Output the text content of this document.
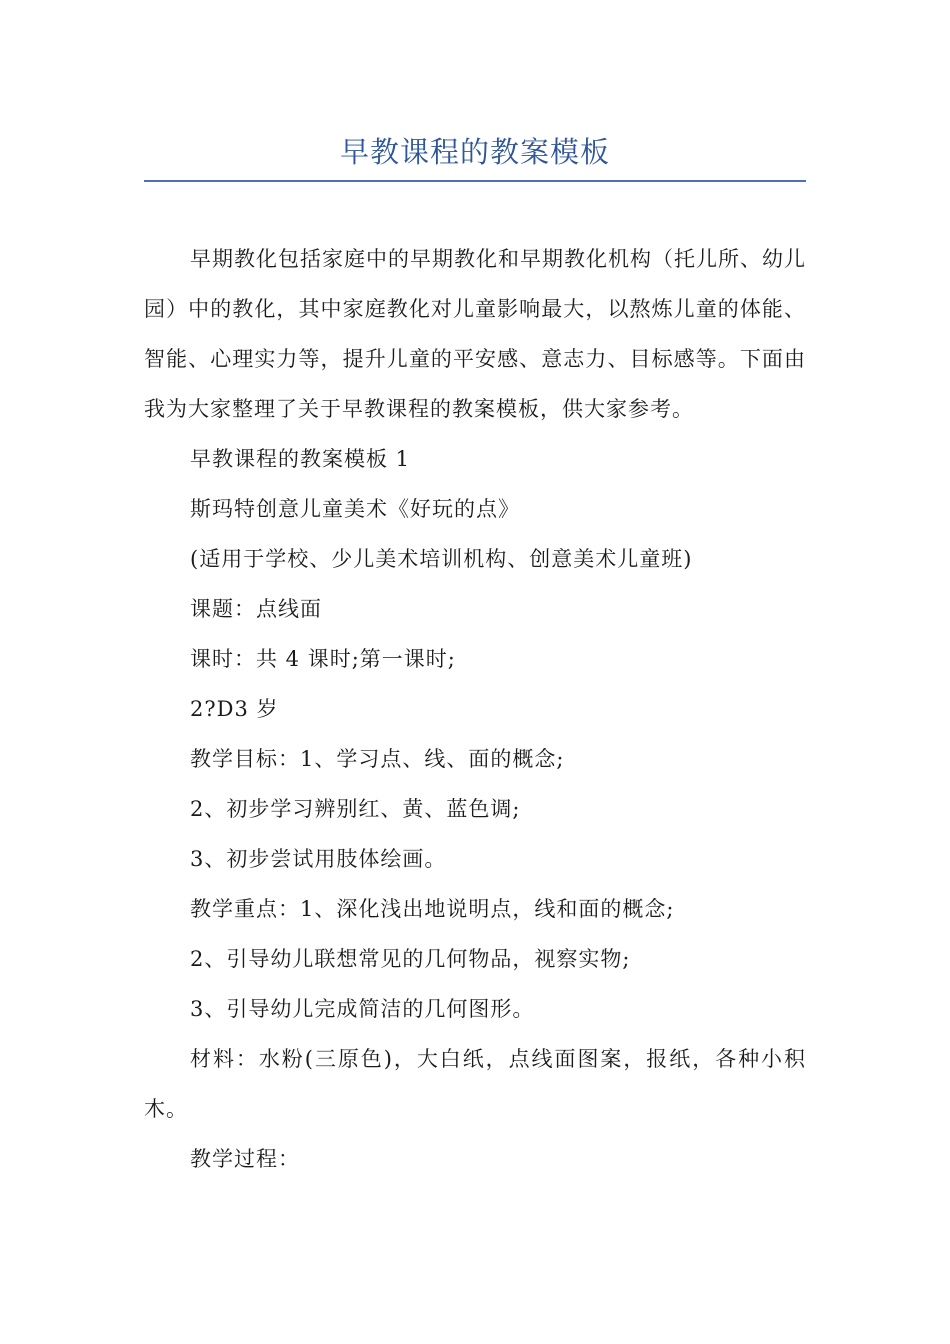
早教课程的教案模板

早期教化包括家庭中的早期教化和早期教化机构（托儿所、幼儿园）中的教化，其中家庭教化对儿童影响最大，以熬炼儿童的体能、智能、心理实力等，提升儿童的平安感、意志力、目标感等。下面由我为大家整理了关于早教课程的教案模板，供大家参考。

早教课程的教案模板 1

斯玛特创意儿童美术《好玩的点》

(适用于学校、少儿美术培训机构、创意美术儿童班)

课题：点线面

课时：共 4 课时;第一课时;

2?D3 岁

教学目标：1、学习点、线、面的概念;

2、初步学习辨别红、黄、蓝色调;

3、初步尝试用肢体绘画。

教学重点：1、深化浅出地说明点，线和面的概念;

2、引导幼儿联想常见的几何物品，视察实物;

3、引导幼儿完成简洁的几何图形。

材料：水粉(三原色)，大白纸，点线面图案，报纸，各种小积木。

教学过程：
